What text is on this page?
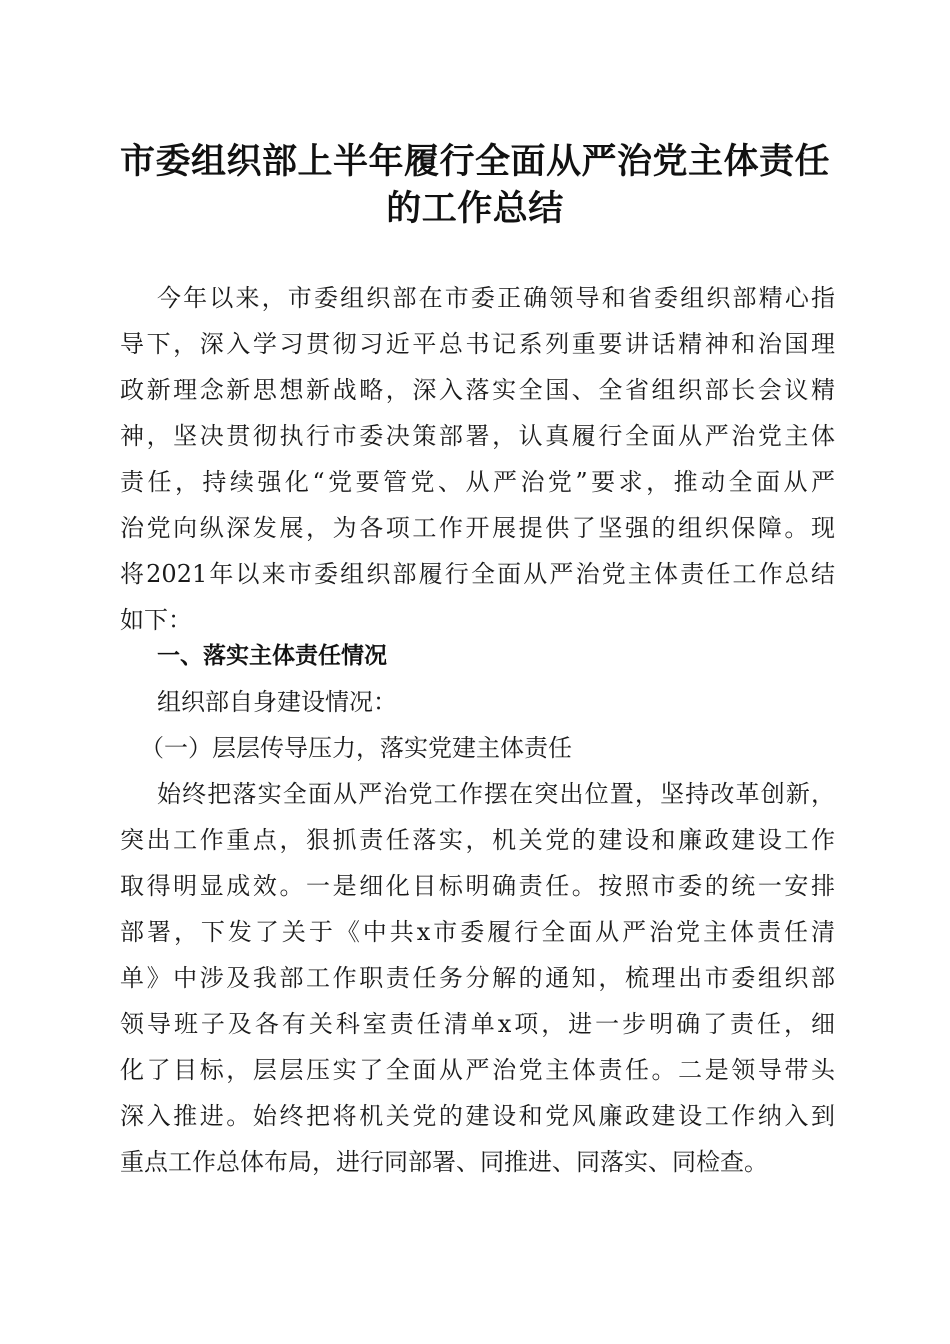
市委组织部上半年履行全面从严治党主体责任
的工作总结
今年以来，市委组织部在市委正确领导和省委组织部精心指
导下，深入学习贯彻习近平总书记系列重要讲话精神和治国理
政新理念新思想新战略，深入落实全国、全省组织部长会议精
神，坚决贯彻执行市委决策部署，认真履行全面从严治党主体
责任，持续强化“党要管党、从严治党”要求，推动全面从严
治党向纵深发展，为各项工作开展提供了坚强的组织保障。现
将2021年以来市委组织部履行全面从严治党主体责任工作总结
如下：
一、落实主体责任情况
组织部自身建设情况：
（一）层层传导压力，落实党建主体责任
始终把落实全面从严治党工作摆在突出位置，坚持改革创新，
突出工作重点，狠抓责任落实，机关党的建设和廉政建设工作
取得明显成效。一是细化目标明确责任。按照市委的统一安排
部署，下发了关于《中共x市委履行全面从严治党主体责任清
单》中涉及我部工作职责任务分解的通知，梳理出市委组织部
领导班子及各有关科室责任清单x项，进一步明确了责任，细
化了目标，层层压实了全面从严治党主体责任。二是领导带头
深入推进。始终把将机关党的建设和党风廉政建设工作纳入到
重点工作总体布局，进行同部署、同推进、同落实、同检查。
